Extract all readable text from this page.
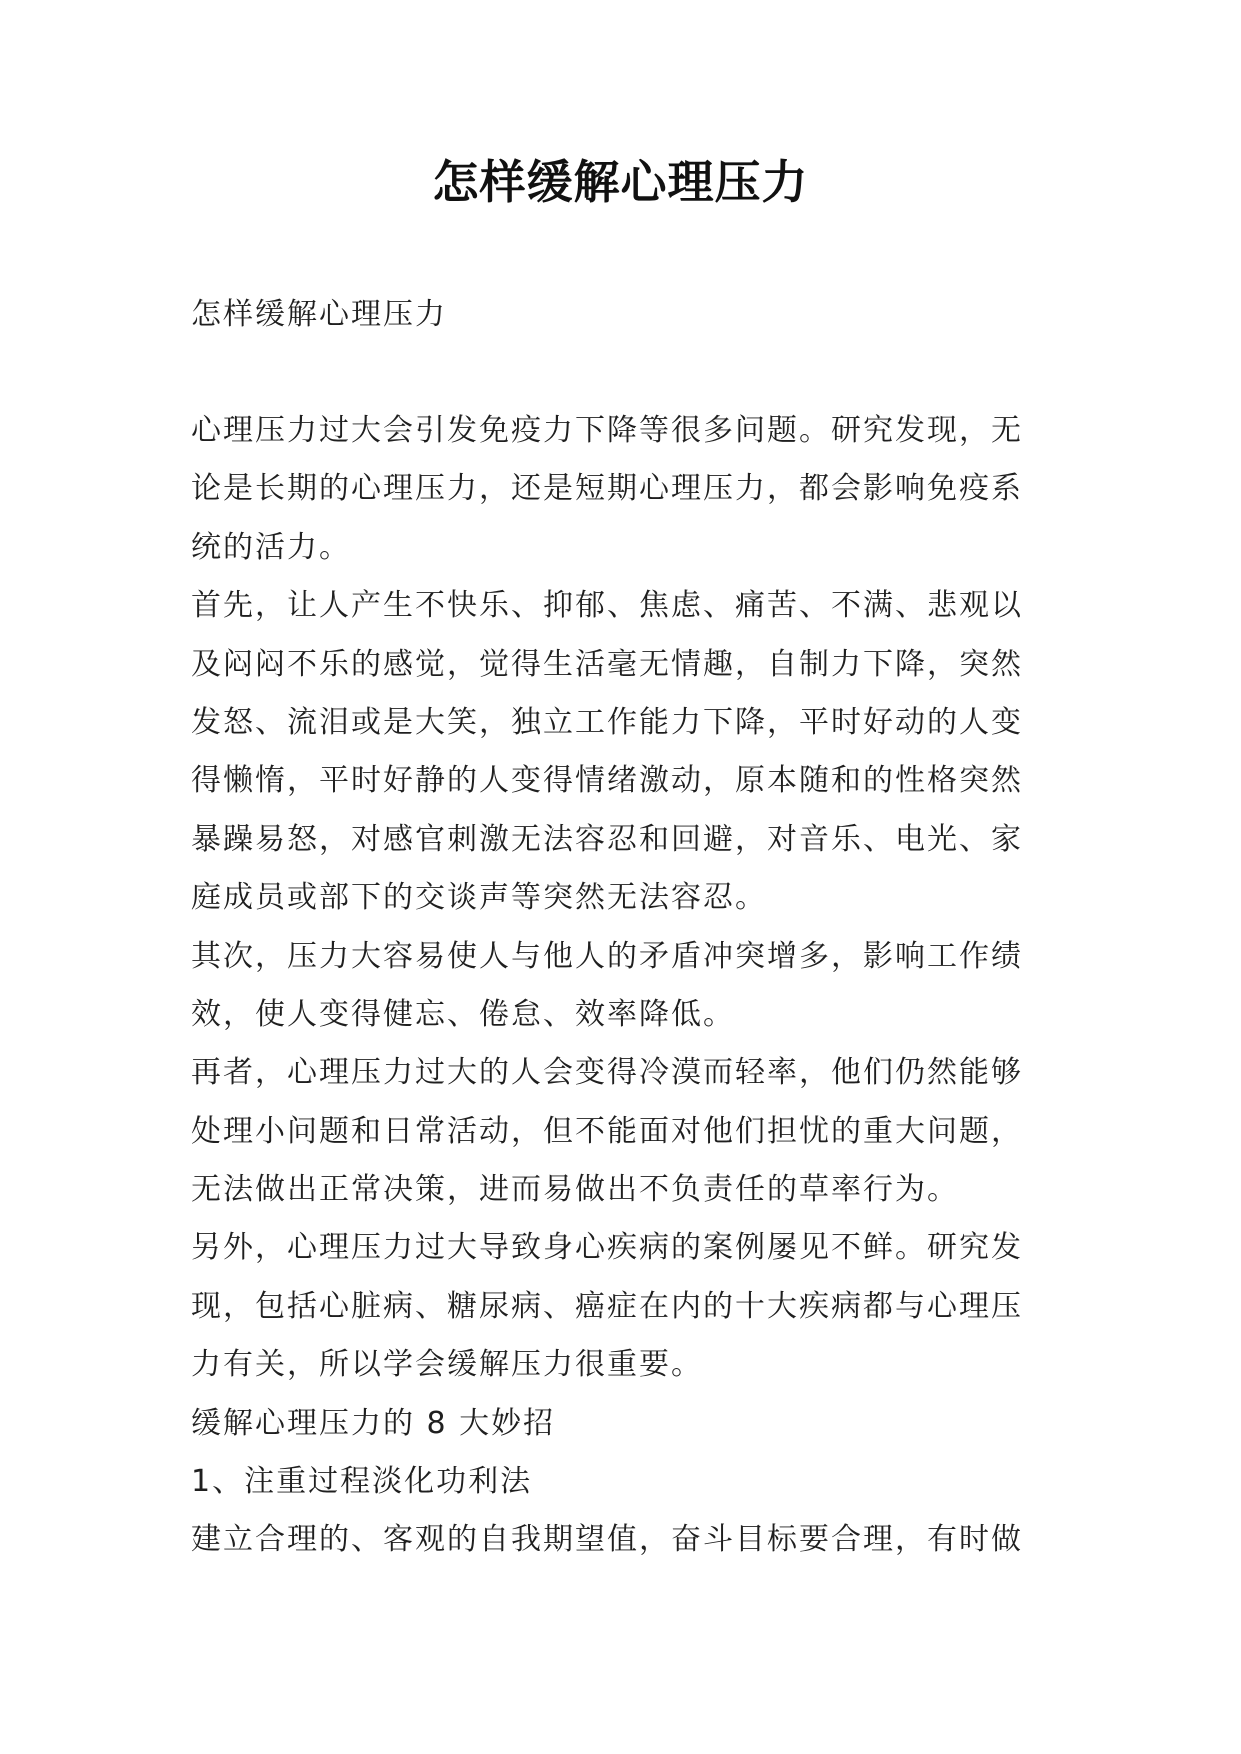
怎样缓解心理压力

怎样缓解心理压力

心理压力过大会引发免疫力下降等很多问题。研究发现，无

论是长期的心理压力，还是短期心理压力，都会影响免疫系

统的活力。

首先，让人产生不快乐、抑郁、焦虑、痛苦、不满、悲观以

及闷闷不乐的感觉，觉得生活毫无情趣，自制力下降，突然

发怒、流泪或是大笑，独立工作能力下降，平时好动的人变

得懒惰，平时好静的人变得情绪激动，原本随和的性格突然

暴躁易怒，对感官刺激无法容忍和回避，对音乐、电光、家

庭成员或部下的交谈声等突然无法容忍。

其次，压力大容易使人与他人的矛盾冲突增多，影响工作绩

效，使人变得健忘、倦怠、效率降低。

再者，心理压力过大的人会变得冷漠而轻率，他们仍然能够

处理小问题和日常活动，但不能面对他们担忧的重大问题，

无法做出正常决策，进而易做出不负责任的草率行为。

另外，心理压力过大导致身心疾病的案例屡见不鲜。研究发

现，包括心脏病、糖尿病、癌症在内的十大疾病都与心理压

力有关，所以学会缓解压力很重要。

缓解心理压力的 8 大妙招

1、注重过程淡化功利法

建立合理的、客观的自我期望值，奋斗目标要合理，有时做
